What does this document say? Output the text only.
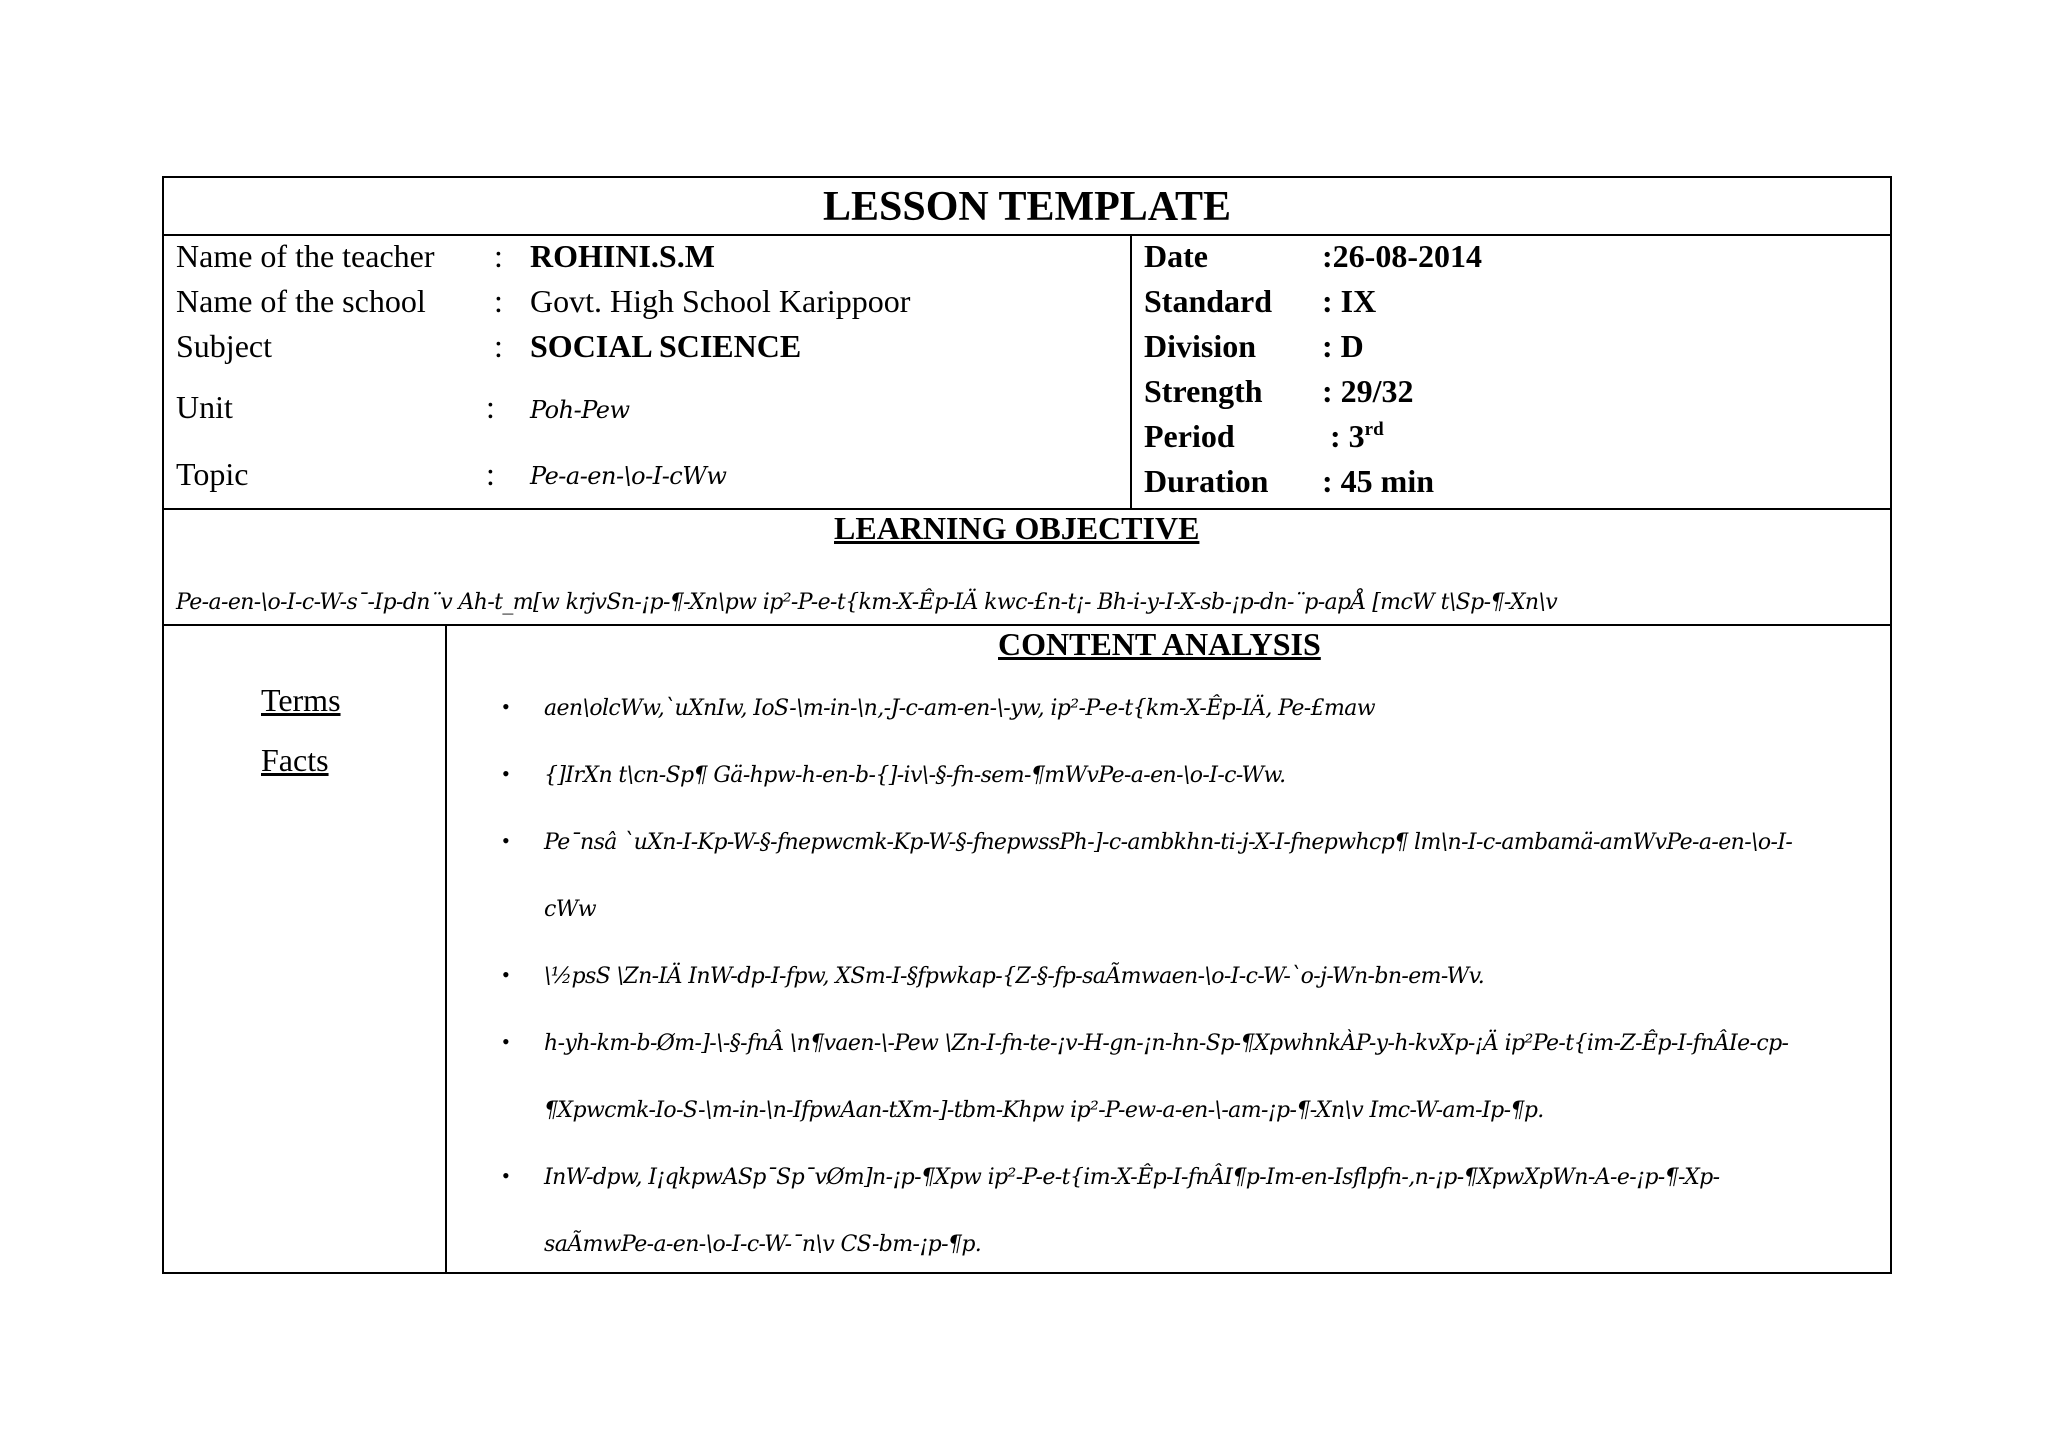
LESSON TEMPLATE
Name of the teacher : ROHINI.S.M
Name of the school : Govt. High School Karippoor
Subject	: SOCIAL SCIENCE
Unit	: Poh-Pew
Topic	: Pe-a-en-\o-I-cWw
Date	:26-08-2014
Standard : IX
Division : D
Strength : 29/32
Period	: 3rd
Duration : 45 min
LEARNING OBJECTIVE
Pe-a-en-\o-I-c-W-s¯-Ip-dn¨v Ah-t_m[w krjvSn-¡p-¶-Xn\pw ip²-P-e-t{km-X-Êp-IÄ kwc-£n-t¡- Bh-i-y-I-X-sb-¡p-dn-¨p-apÅ [mcW t\Sp-¶-Xn\v
Terms
Facts
CONTENT ANALYSIS
• aen\olcWw,`uXnIw, IoS-\m-in-\n,-J-c-am-en-\-yw, ip²-P-e-t{km-X-Êp-IÄ, Pe-£maw
• {]IrXn t\cn-Sp¶ Gä-hpw-h-en-b-{]-iv\-§-fn-sem-¶mWvPe-a-en-\o-I-c-Ww.
• Pe¯nsâ `uXn-I-Kp-W-§-fnepwcmk-Kp-W-§-fnepwssPh-]-c-ambkhn-ti-j-X-I-fnepwhcp¶ lm\n-I-c-ambamä-amWvPe-a-en-\o-I-
cWw
• \½psS \Zn-IÄ InW-dp-I-fpw, XSm-I-§fpwkap-{Z-§-fp-saÃmwaen-\o-I-c-W-`o-j-Wn-bn-em-Wv.
• h-yh-km-b-Øm-]-\-§-fnÂ \n¶vaen-\-Pew \Zn-I-fn-te-¡v-H-gn-¡n-hn-Sp-¶XpwhnkÀP-y-h-kvXp-¡Ä ip²Pe-t{im-Z-Êp-I-fnÂIe-cp-
¶Xpwcmk-Io-S-\m-in-\n-IfpwAan-tXm-]-tbm-Khpw ip²-P-ew-a-en-\-am-¡p-¶-Xn\v Imc-W-am-Ip-¶p.
• InW-dpw, I¡qkpwASp¯Sp¯vØm]n-¡p-¶Xpw ip²-P-e-t{im-X-Êp-I-fnÂI¶p-Im-en-Isflpfn-,n-¡p-¶XpwXpWn-A-e-¡p-¶-Xp-
saÃmwPe-a-en-\o-I-c-W-¯n\v CS-bm-¡p-¶p.
